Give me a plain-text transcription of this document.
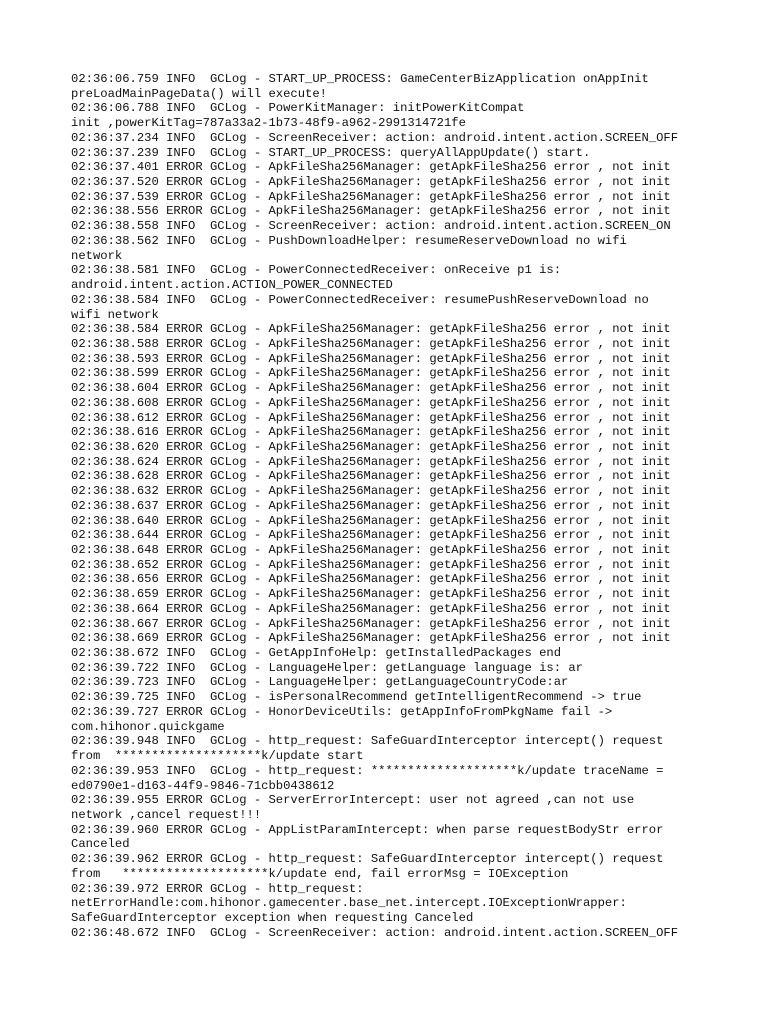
02:36:06.759 INFO  GCLog - START_UP_PROCESS: GameCenterBizApplication onAppInit
preLoadMainPageData() will execute!
02:36:06.788 INFO  GCLog - PowerKitManager: initPowerKitCompat
init ,powerKitTag=787a33a2-1b73-48f9-a962-2991314721fe
02:36:37.234 INFO  GCLog - ScreenReceiver: action: android.intent.action.SCREEN_OFF
02:36:37.239 INFO  GCLog - START_UP_PROCESS: queryAllAppUpdate() start.
02:36:37.401 ERROR GCLog - ApkFileSha256Manager: getApkFileSha256 error , not init
02:36:37.520 ERROR GCLog - ApkFileSha256Manager: getApkFileSha256 error , not init
02:36:37.539 ERROR GCLog - ApkFileSha256Manager: getApkFileSha256 error , not init
02:36:38.556 ERROR GCLog - ApkFileSha256Manager: getApkFileSha256 error , not init
02:36:38.558 INFO  GCLog - ScreenReceiver: action: android.intent.action.SCREEN_ON
02:36:38.562 INFO  GCLog - PushDownloadHelper: resumeReserveDownload no wifi
network
02:36:38.581 INFO  GCLog - PowerConnectedReceiver: onReceive p1 is:
android.intent.action.ACTION_POWER_CONNECTED
02:36:38.584 INFO  GCLog - PowerConnectedReceiver: resumePushReserveDownload no
wifi network
02:36:38.584 ERROR GCLog - ApkFileSha256Manager: getApkFileSha256 error , not init
02:36:38.588 ERROR GCLog - ApkFileSha256Manager: getApkFileSha256 error , not init
02:36:38.593 ERROR GCLog - ApkFileSha256Manager: getApkFileSha256 error , not init
02:36:38.599 ERROR GCLog - ApkFileSha256Manager: getApkFileSha256 error , not init
02:36:38.604 ERROR GCLog - ApkFileSha256Manager: getApkFileSha256 error , not init
02:36:38.608 ERROR GCLog - ApkFileSha256Manager: getApkFileSha256 error , not init
02:36:38.612 ERROR GCLog - ApkFileSha256Manager: getApkFileSha256 error , not init
02:36:38.616 ERROR GCLog - ApkFileSha256Manager: getApkFileSha256 error , not init
02:36:38.620 ERROR GCLog - ApkFileSha256Manager: getApkFileSha256 error , not init
02:36:38.624 ERROR GCLog - ApkFileSha256Manager: getApkFileSha256 error , not init
02:36:38.628 ERROR GCLog - ApkFileSha256Manager: getApkFileSha256 error , not init
02:36:38.632 ERROR GCLog - ApkFileSha256Manager: getApkFileSha256 error , not init
02:36:38.637 ERROR GCLog - ApkFileSha256Manager: getApkFileSha256 error , not init
02:36:38.640 ERROR GCLog - ApkFileSha256Manager: getApkFileSha256 error , not init
02:36:38.644 ERROR GCLog - ApkFileSha256Manager: getApkFileSha256 error , not init
02:36:38.648 ERROR GCLog - ApkFileSha256Manager: getApkFileSha256 error , not init
02:36:38.652 ERROR GCLog - ApkFileSha256Manager: getApkFileSha256 error , not init
02:36:38.656 ERROR GCLog - ApkFileSha256Manager: getApkFileSha256 error , not init
02:36:38.659 ERROR GCLog - ApkFileSha256Manager: getApkFileSha256 error , not init
02:36:38.664 ERROR GCLog - ApkFileSha256Manager: getApkFileSha256 error , not init
02:36:38.667 ERROR GCLog - ApkFileSha256Manager: getApkFileSha256 error , not init
02:36:38.669 ERROR GCLog - ApkFileSha256Manager: getApkFileSha256 error , not init
02:36:38.672 INFO  GCLog - GetAppInfoHelp: getInstalledPackages end
02:36:39.722 INFO  GCLog - LanguageHelper: getLanguage language is: ar
02:36:39.723 INFO  GCLog - LanguageHelper: getLanguageCountryCode:ar
02:36:39.725 INFO  GCLog - isPersonalRecommend getIntelligentRecommend -> true
02:36:39.727 ERROR GCLog - HonorDeviceUtils: getAppInfoFromPkgName fail ->
com.hihonor.quickgame
02:36:39.948 INFO  GCLog - http_request: SafeGuardInterceptor intercept() request
from  ********************k/update start
02:36:39.953 INFO  GCLog - http_request: ********************k/update traceName =
ed0790e1-d163-44f9-9846-71cbb0438612
02:36:39.955 ERROR GCLog - ServerErrorIntercept: user not agreed ,can not use
network ,cancel request!!!
02:36:39.960 ERROR GCLog - AppListParamIntercept: when parse requestBodyStr error
Canceled
02:36:39.962 ERROR GCLog - http_request: SafeGuardInterceptor intercept() request
from   ********************k/update end, fail errorMsg = IOException
02:36:39.972 ERROR GCLog - http_request:
netErrorHandle:com.hihonor.gamecenter.base_net.intercept.IOExceptionWrapper:
SafeGuardInterceptor exception when requesting Canceled
02:36:48.672 INFO  GCLog - ScreenReceiver: action: android.intent.action.SCREEN_OFF
